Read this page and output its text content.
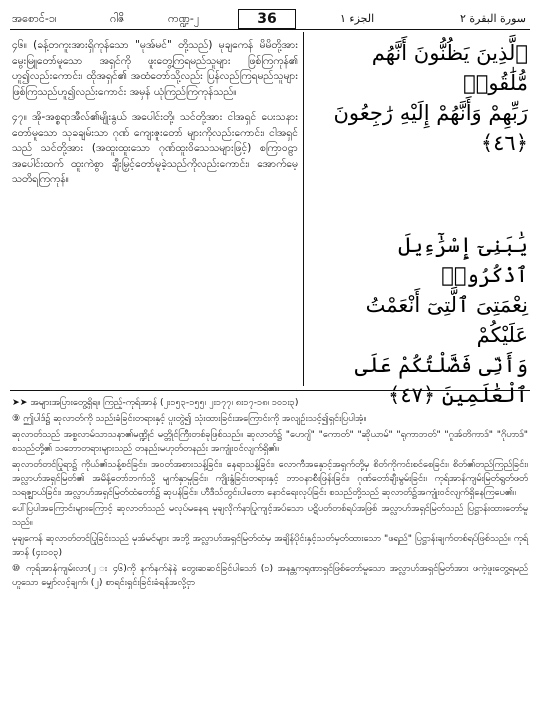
အစောင်-၁၊	ဂါဇိ	ကဏ္ဍ-၂	36	الجزء ١	سورة البقرة ٢

၄၆။ (ခန့်တကူးအားရှိကုန်သော "မုအ်မင်" တို့သည်) မုချကေန် မိမိတို့အား မွေးမြူတော်မူသော အရှင်ကို ဖူးတွေ့ကြရမည်သူများ ဖြစ်ကြကုန်၏ ဟူ၍လည်းကောင်း၊ ထိုအရှင်၏ အထံတော်သို့လည်း ပြန်လည်ကြရမည်သူများ ဖြစ်ကြသည်ဟူ၍လည်းကောင်း အမှန် ယုံကြည်ကြကုန်သည်။

၄၇။ အို-အစ္စရာအီလ်၏မျိုးနွယ် အပေါင်းတို့၊ သင်တို့အား ငါအရှင် ပေးသနားတော်မူသော သုခချမ်းသာ ဂုဏ် ကျေးဇူးတော် များကိုလည်းကောင်း၊ ငါအရှင်သည် သင်တို့အား (အထူးထူးသော ဂုဏ်ထူးဝိသေသများဖြင့်) စကြာဝဠာ အပေါင်းထက် ထူးကဲစွာ ချီးမြှင့်တော်မူခဲ့သည်ကိုလည်းကောင်း၊ အောက်မေ့ သတိရကြကုန်။

ٱلَّذِينَ يَظُنُّونَ أَنَّهُم مُّلَٰقُوا۟

رَبِّهِمْ وَأَنَّهُمْ إِلَيْهِ رَٰجِعُونَ ﴿٤٦﴾

يَٰبَنِىٓ إِسْرَٰٓءِيلَ ٱذْكُرُوا۟

نِعْمَتِىَ ٱلَّتِىٓ أَنْعَمْتُ عَلَيْكُمْ

وَأَنِّى فَضَّلْتُكُمْ عَلَى ٱلْعَٰلَمِينَ ﴿٤٧﴾

➤➤ အများအပြားတွေ့ရှိရ။ ကြည့်-ကုရ်အာန် (၂း၁၅၃-၁၅၅၊ ၂း၁၇၇၊ ၈း၁၇-၁၈၊ ၁၀၁း၃)

⑨ ဤပါဒ်၌ ဆုလာတ်ကို သည်းခံခြင်းတရားနှင့် ပူးတွဲ၍ သုံးထားခြင်းအကြောင်းကို အလျဉ်းသင့်၍ရှင်းပြပါအံ့။

ဆုလာတ်သည် အစ္စလာမ်သာသနာ၏မဏ္ဍိုင် မတ္တိုင်ကြီးတစ်ခုဖြစ်သည်။ ဆုလာတ်၌ "ဟေဂျ်" "ကောတ်" "ဆိုယာမ်" "ရုကာဘတ်" "ဂူအ်တိကာဒ်" "ဂိုဟာဒ်" စသည်တို့၏ သဘောတရားများသည် တနည်းမဟုတ်တနည်း အကျုံးဝင်လျက်ရှိ၏။

ဆုလာတ်တင်ပြုရာ၌ ကိုယ်၏သန့်စင်ခြင်း၊ အဝတ်အစားသန့်ခြင်း၊ နေရာသန့်ခြင်း၊ လောကီအနှောင့်အရှက်တို့မှ စိတ်ကိုကင်းစင်စေခြင်း၊ စိတ်၏တည်ကြည်ခြင်း၊ အလ္လာဟ်အရှင်မြတ်၏ အမိန့်တော်ဘက်သို့ မျက်နှာမူခြင်း၊ ကျိုးနွံခြင်းတရားနှင့် ဘာဝနာစီးဖြန်းခြင်း၊ ဂုဏ်တော်ချီးမွမ်းခြင်း၊ ကုရ်အာန်ကျမ်းမြတ်ရွတ်ဖတ်သရဇ္ဈာယ်ခြင်း၊ အလ္လာဟ်အရှင်မြတ်ထံတော်၌ ဆုပန်ခြင်း၊ ဟီဒီသ်တွင်းပါတော နောင်ရေးလုပ်ခြင်း စသည်တို့သည် ဆုလာတ်၌အကျုံးဝင်လျက်ရှိနေကြပေ၏။

ပေါ်ပြပါအကြောင်းများကြောင့် ဆုလာတ်သည် မလုပ်မနေရ မုချလိုက်နာပြုကျင့်အပ်သော ပဋိပတ်တစ်ရပ်အဖြစ် အလ္လာဟ်အရှင်မြတ်သည် ပြဋ္ဌာန်းထားတော်မူသည်။

မုချကေန် ဆုလာတ်တင်ပြုခြင်းသည် မုအ်မင်များ အဘို့ အလ္လာဟ်အရှင်မြတ်ထံမှ အချိန်ပိုင်းနှင့်သတ်မှတ်ထားသော "ဖရည်" ပြဋ္ဌာန်းချက်တစ်ရပ်ဖြစ်သည်။ ကုရ်အာန် (၄း၁၀၃)

⑩ ကုရ်အာန်ကျမ်းလာ(၂ း ၄၆)ကို နက်နက်နဲနဲ တွေးဆဆင်ခြင်ပါသော် (၁) အနန္တကရုဏာရှင်ဖြစ်တော်မူသော အလ္လာဟ်အရှင်မြတ်အား ဖကဲ့ဖူးတွေ့ရမည်ဟူသော မျှော်လင့်ချက်၊ (၂) စာရင်းရှင်းခြင်းခံရန်အလို့ငှာ
